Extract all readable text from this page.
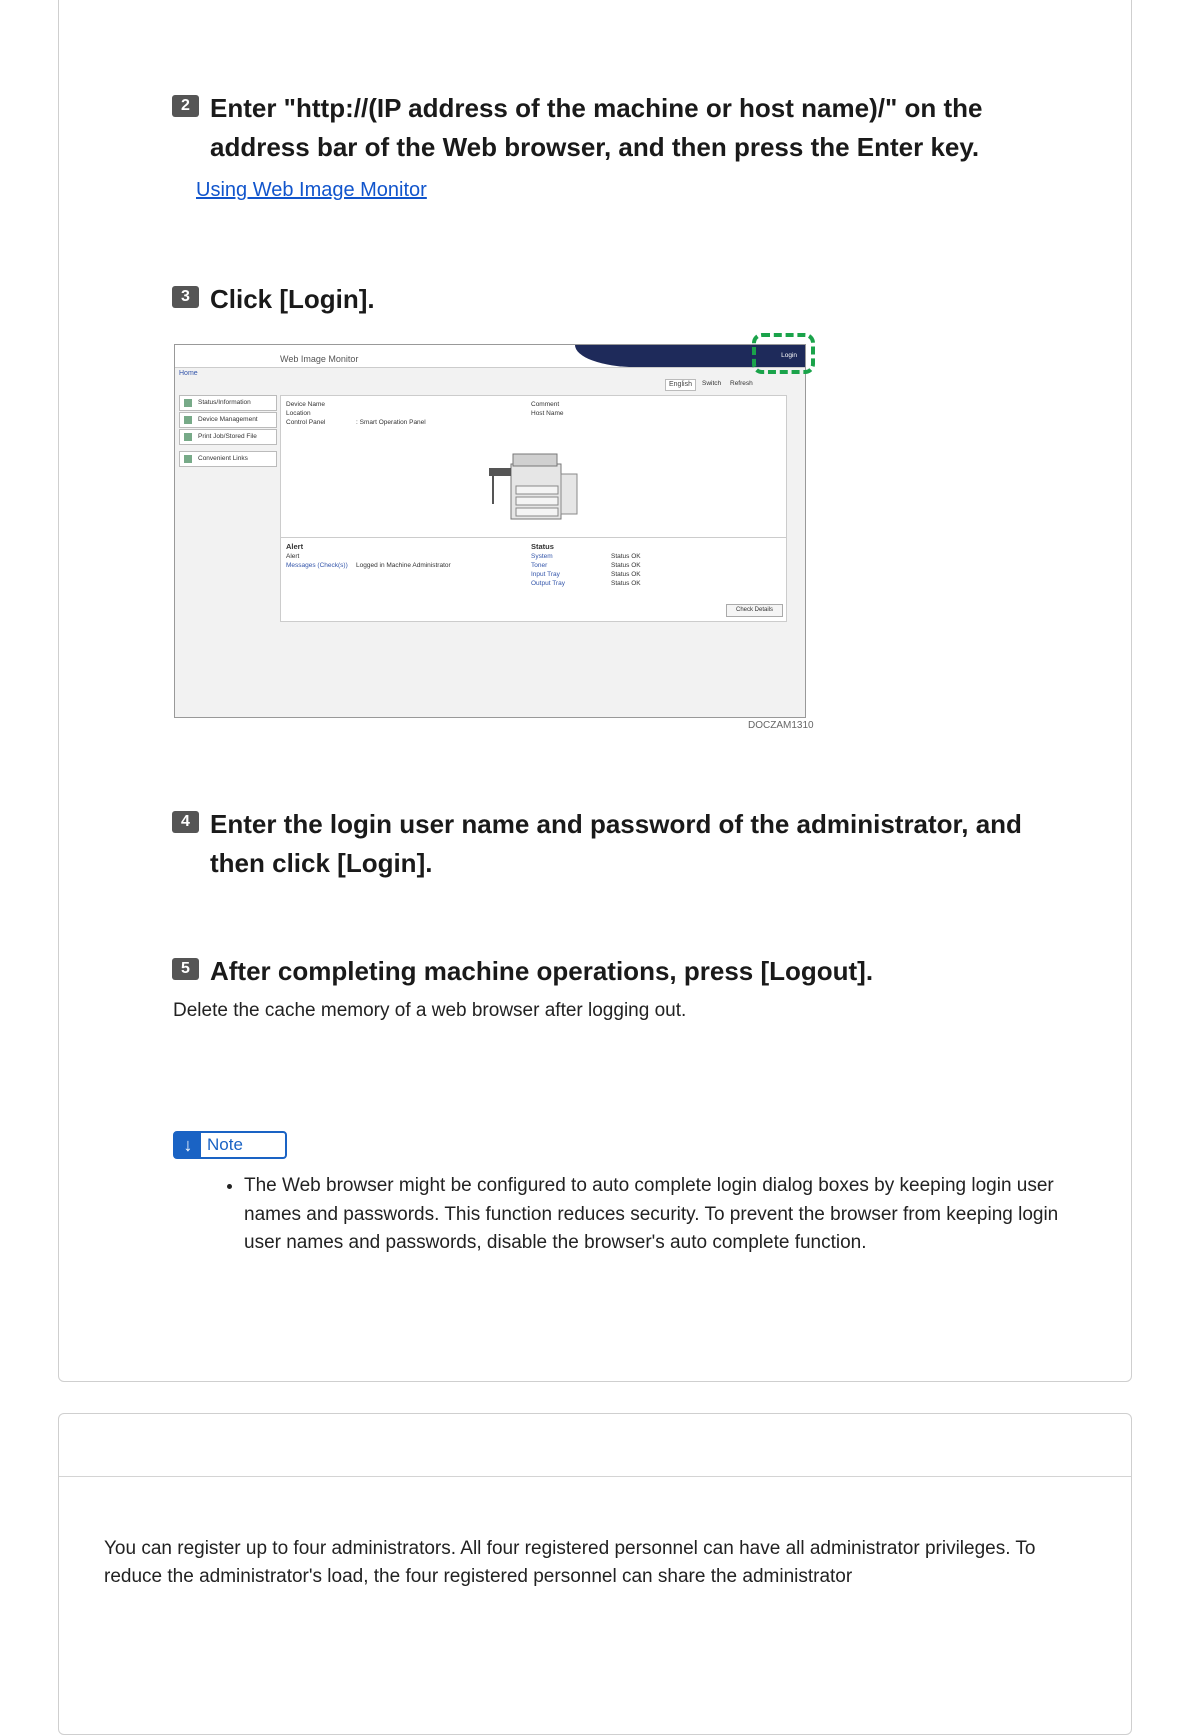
2 Enter "http://(IP address of the machine or host name)/" on the
address bar of the Web browser, and then press the Enter key.
Using Web Image Monitor
3 Click [Login].
Login
Web Image Monitor
Home
English	Switch Refresh
Status/Information
Device Management
Print Job/Stored File
Convenient Links
Device Name
Location
Control Panel	: Smart Operation Panel
Comment
Host Name
Alert
Alert
Messages (Check(s)) Logged in Machine Administrator
Status
System
Toner
Input Tray
Output Tray
Status OK
Status OK
Status OK
Status OK
Check Details
DOCZAM1310
4 Enter the login user name and password of the administrator, and
then click [Login].
5 After completing machine operations, press [Logout].
Delete the cache memory of a web browser after logging out.
↓ Note
• The Web browser might be configured to auto complete login dialog boxes by keeping login user names and passwords. This function reduces security. To prevent the browser from keeping login user names and passwords, disable the browser's auto complete function.
You can register up to four administrators. All four registered personnel can have all administrator privileges. To reduce the administrator's load, the four registered personnel can share the administrator
